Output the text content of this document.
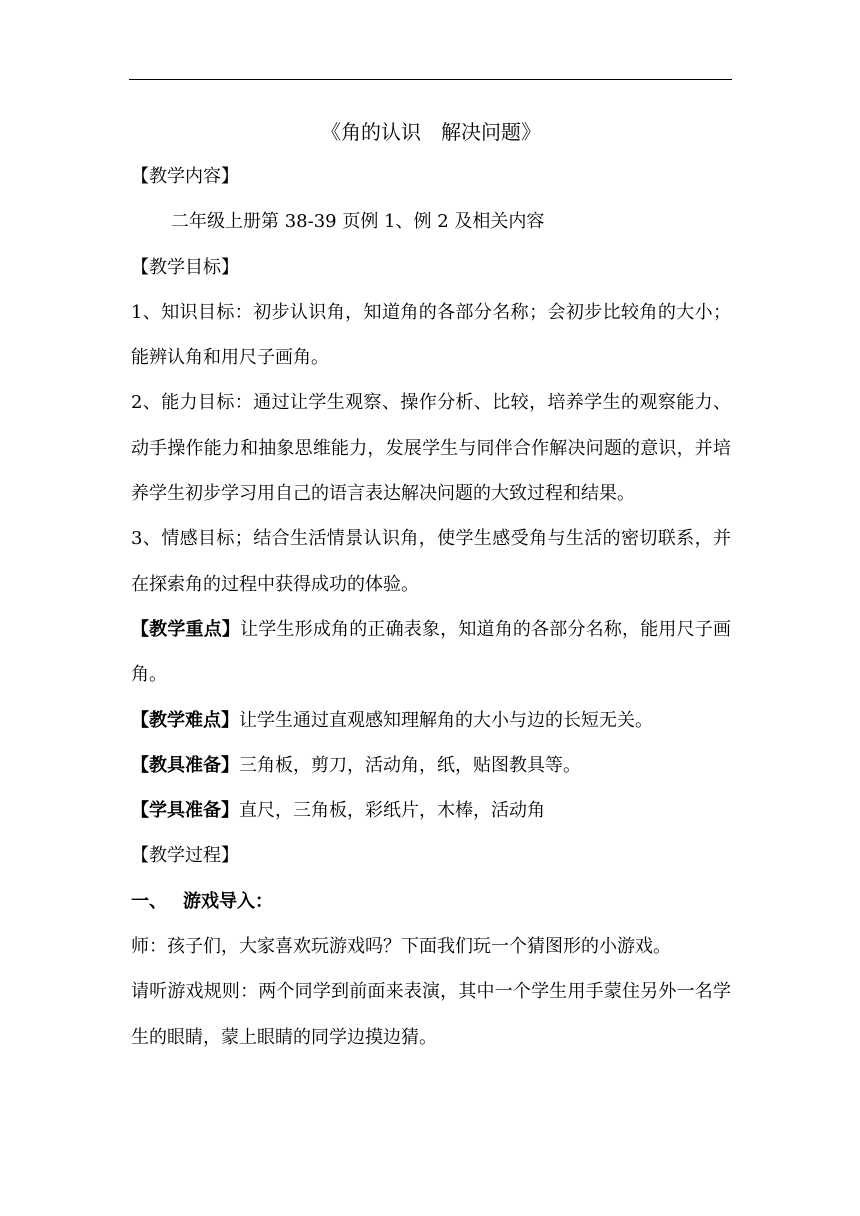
《角的认识　解决问题》

【教学内容】

二年级上册第 38-39 页例 1、例 2 及相关内容

【教学目标】

1、知识目标：初步认识角，知道角的各部分名称；会初步比较角的大小；能辨认角和用尺子画角。

2、能力目标：通过让学生观察、操作分析、比较，培养学生的观察能力、动手操作能力和抽象思维能力，发展学生与同伴合作解决问题的意识，并培养学生初步学习用自己的语言表达解决问题的大致过程和结果。

3、情感目标；结合生活情景认识角，使学生感受角与生活的密切联系，并在探索角的过程中获得成功的体验。

【教学重点】让学生形成角的正确表象，知道角的各部分名称，能用尺子画角。

【教学难点】让学生通过直观感知理解角的大小与边的长短无关。

【教具准备】三角板，剪刀，活动角，纸，贴图教具等。

【学具准备】直尺，三角板，彩纸片，木棒，活动角

【教学过程】

一、 游戏导入：

师：孩子们，大家喜欢玩游戏吗？下面我们玩一个猜图形的小游戏。

请听游戏规则：两个同学到前面来表演，其中一个学生用手蒙住另外一名学生的眼睛，蒙上眼睛的同学边摸边猜。
